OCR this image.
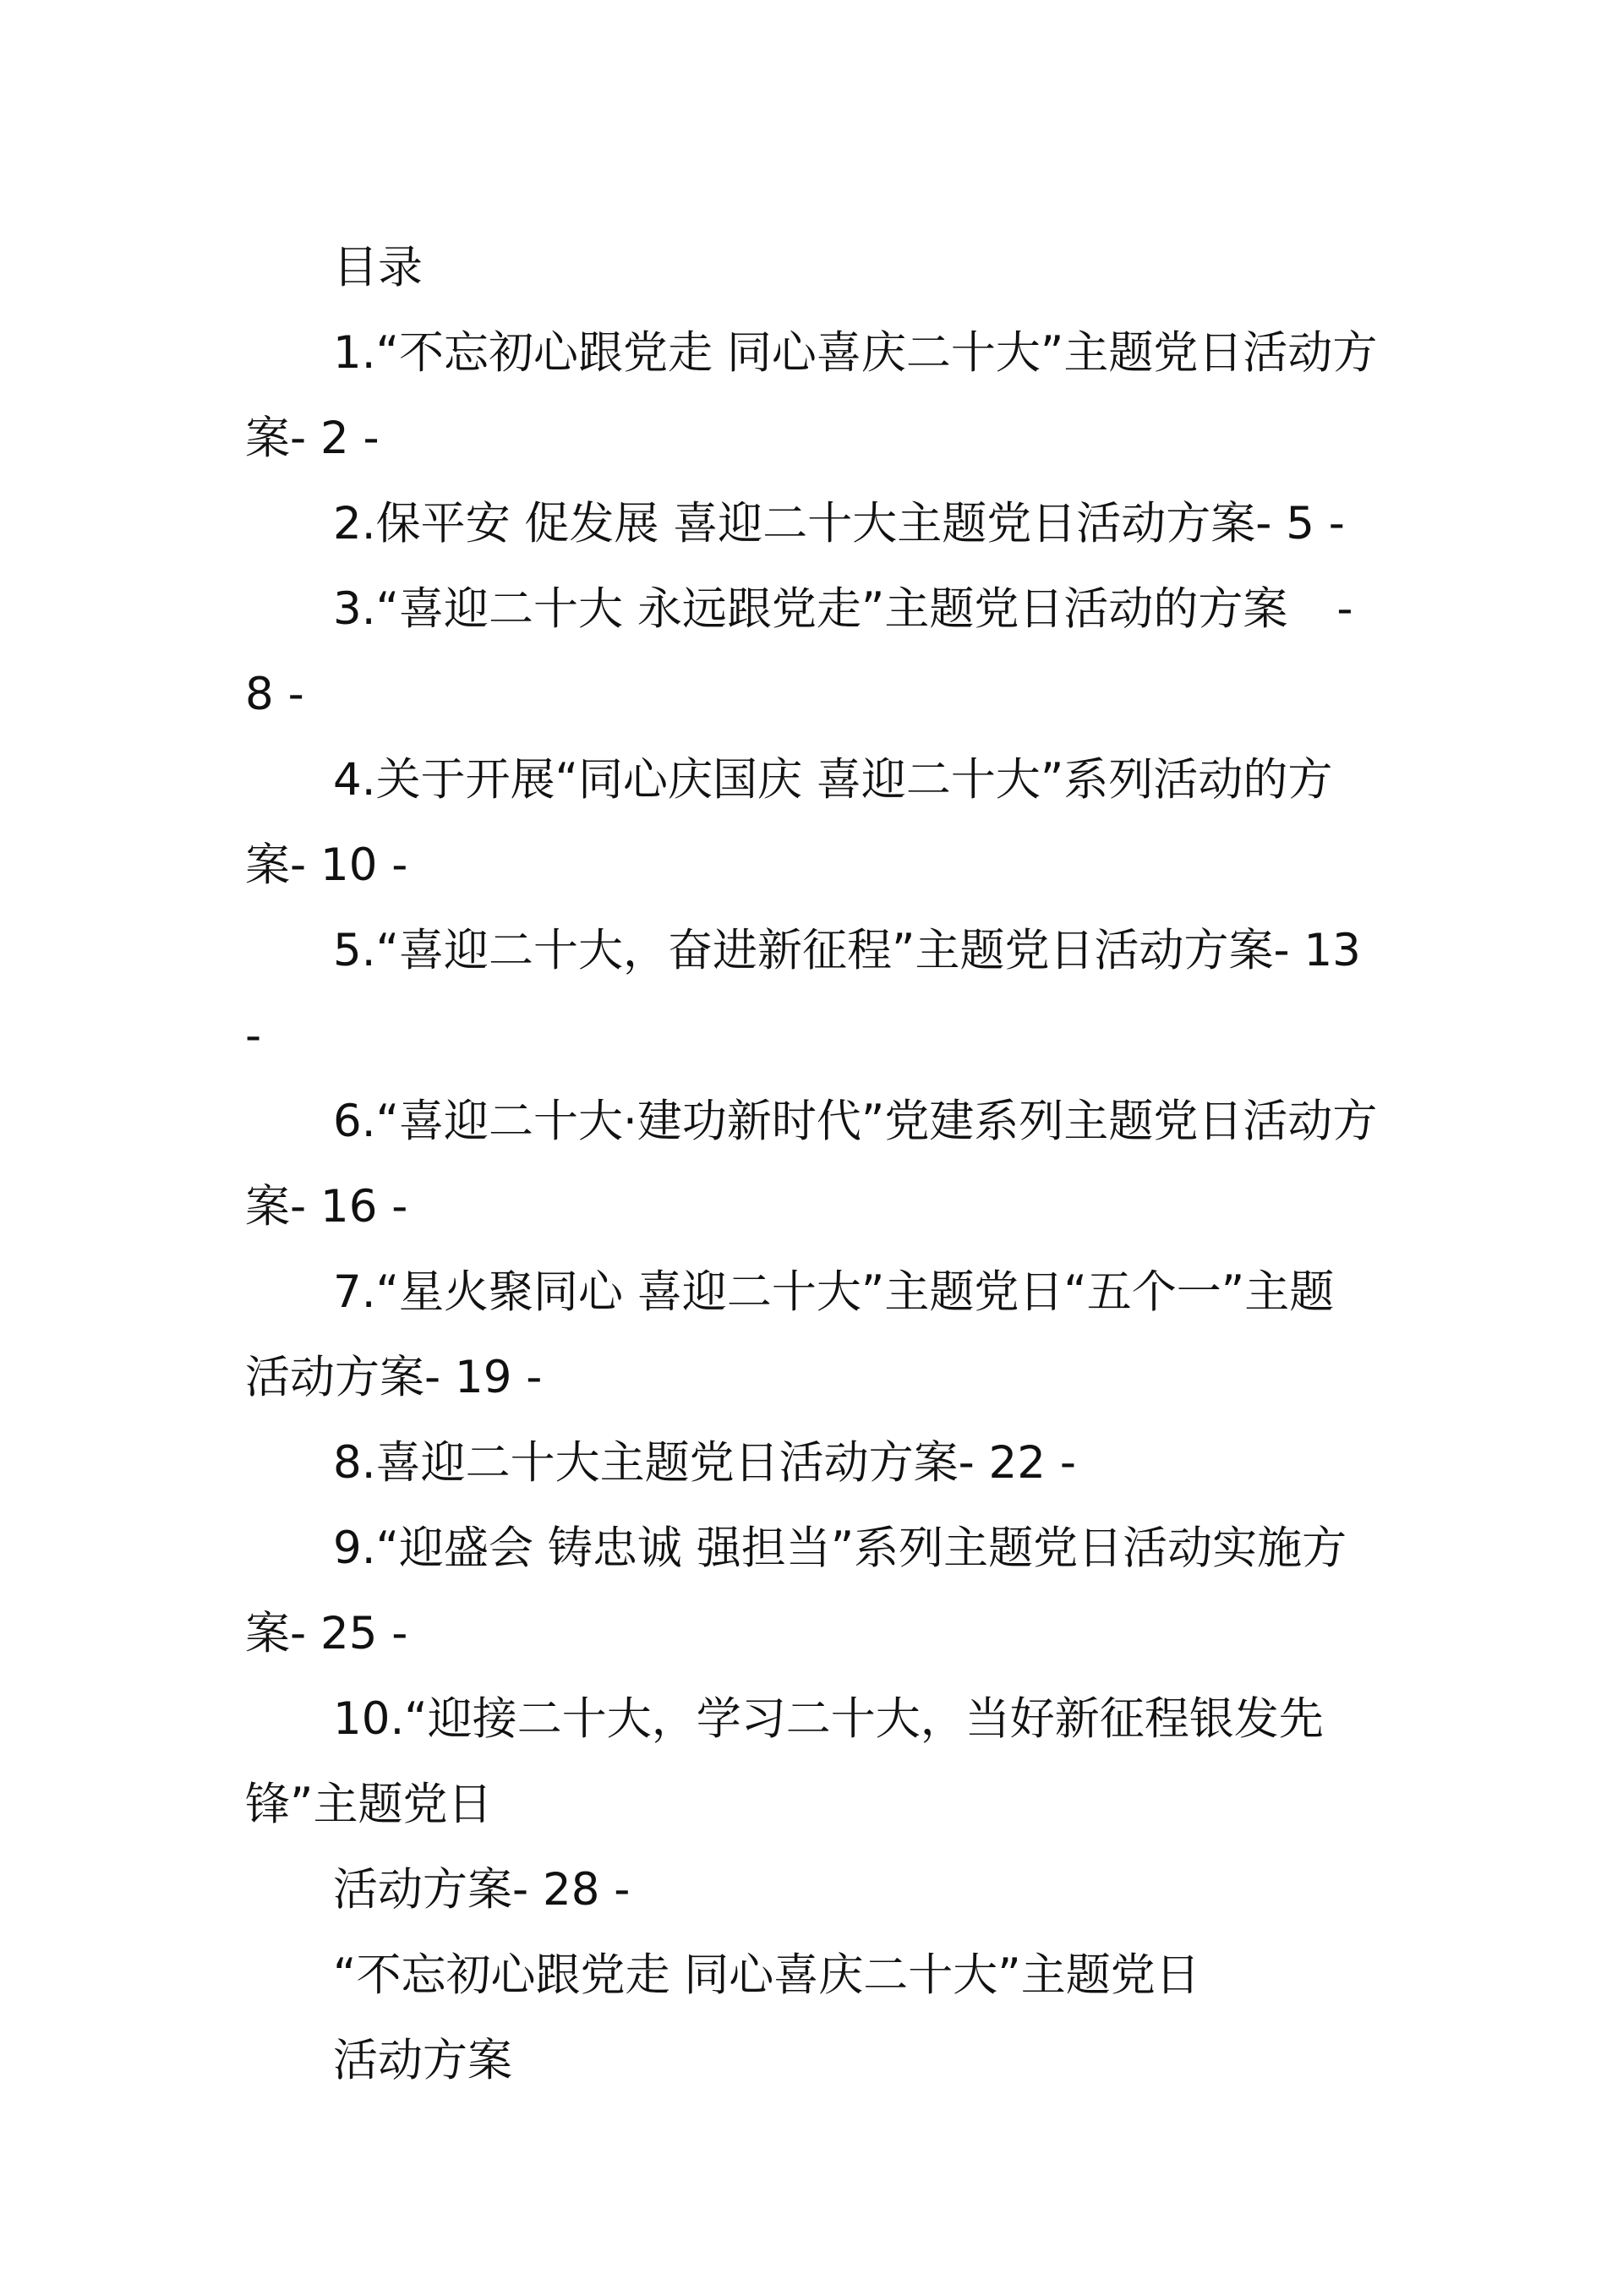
目录
1.“不忘初心跟党走 同心喜庆二十大”主题党日活动方
案- 2 -
2.保平安 促发展 喜迎二十大主题党日活动方案- 5 -
3.“喜迎二十大 永远跟党走”主题党日活动的方案 -
8 -
4.关于开展“同心庆国庆 喜迎二十大”系列活动的方
案- 10 -
5.“喜迎二十大，奋进新征程”主题党日活动方案- 13
-
6.“喜迎二十大·建功新时代”党建系列主题党日活动方
案- 16 -
7.“星火聚同心 喜迎二十大”主题党日“五个一”主题
活动方案- 19 -
8.喜迎二十大主题党日活动方案- 22 -
9.“迎盛会 铸忠诚 强担当”系列主题党日活动实施方
案- 25 -
10.“迎接二十大，学习二十大，当好新征程银发先
锋”主题党日
活动方案- 28 -
“不忘初心跟党走 同心喜庆二十大”主题党日
活动方案
